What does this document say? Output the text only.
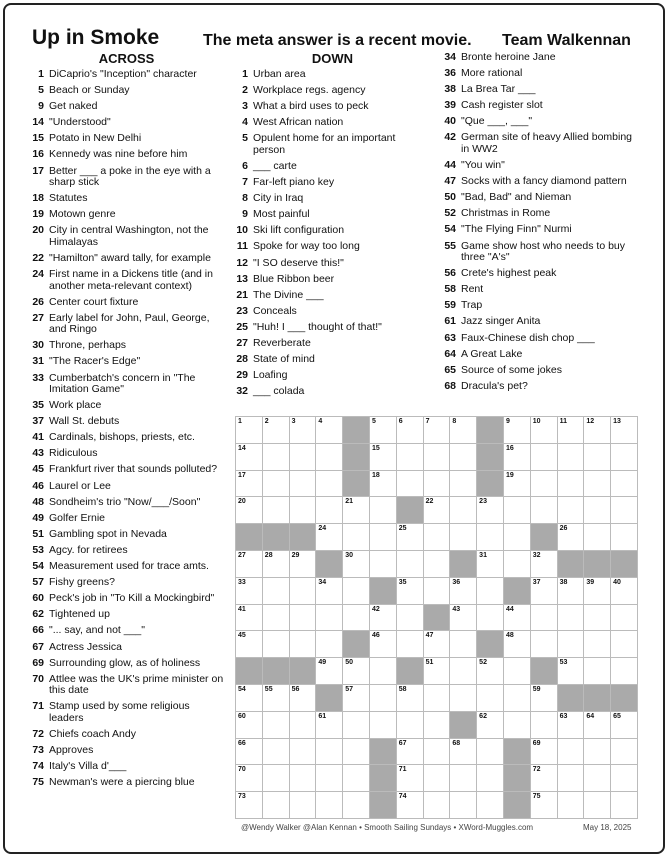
Up in Smoke	The meta answer is a recent movie. Team Walkennan
ACROSS	DOWN
1 DiCaprio's "Inception" character
5 Beach or Sunday
9 Get naked
14 "Understood"
15 Potato in New Delhi
16 Kennedy was nine before him
17 Better ___ a poke in the eye with a sharp stick
18 Statutes
19 Motown genre
20 City in central Washington, not the Himalayas
22 "Hamilton" award tally, for example
24 First name in a Dickens title (and in another meta-relevant context)
26 Center court fixture
27 Early label for John, Paul, George, and Ringo
30 Throne, perhaps
31 "The Racer's Edge"
33 Cumberbatch's concern in "The Imitation Game"
35 Work place
37 Wall St. debuts
41 Cardinals, bishops, priests, etc.
43 Ridiculous
45 Frankfurt river that sounds polluted?
46 Laurel or Lee
48 Sondheim's trio "Now/___/Soon"
49 Golfer Ernie
51 Gambling spot in Nevada
53 Agcy. for retirees
54 Measurement used for trace amts.
57 Fishy greens?
60 Peck's job in "To Kill a Mockingbird"
62 Tightened up
66 "... say, and not ___"
67 Actress Jessica
69 Surrounding glow, as of holiness
70 Attlee was the UK's prime minister on this date
71 Stamp used by some religious leaders
72 Chiefs coach Andy
73 Approves
74 Italy's Villa d'___
75 Newman's were a piercing blue
1 Urban area
2 Workplace regs. agency
3 What a bird uses to peck
4 West African nation
5 Opulent home for an important person
6 ___ carte
7 Far-left piano key
8 City in Iraq
9 Most painful
10 Ski lift configuration
11 Spoke for way too long
12 "I SO deserve this!"
13 Blue Ribbon beer
21 The Divine ___
23 Conceals
25 "Huh! I ___ thought of that!"
27 Reverberate
28 State of mind
29 Loafing
32 ___ colada
34 Bronte heroine Jane
36 More rational
38 La Brea Tar ___
39 Cash register slot
40 "Que ___, ___"
42 German site of heavy Allied bombing in WW2
44 "You win"
47 Socks with a fancy diamond pattern
50 "Bad, Bad" and Nieman
52 Christmas in Rome
54 "The Flying Finn" Nurmi
55 Game show host who needs to buy three "A's"
56 Crete's highest peak
58 Rent
59 Trap
61 Jazz singer Anita
63 Faux-Chinese dish chop ___
64 A Great Lake
65 Source of some jokes
68 Dracula's pet?
1	2	3	4	5	6	7	8	9	10	11	12	13
14	15	16
17	18	19
20	21	22	23
24	25	26
27	28	29	30	31	32
33	34	35	36	37	38	39	40
41	42	43	44
45	46	47	48
49	50	51	52	53
54	55	56	57	58	59
60	61	62	63	64	65
66	67	68	69
70	71	72
73	74	75
@Wendy Walker @Alan Kennan • Smooth Sailing Sundays • XWord-Muggles.com	May 18, 2025
